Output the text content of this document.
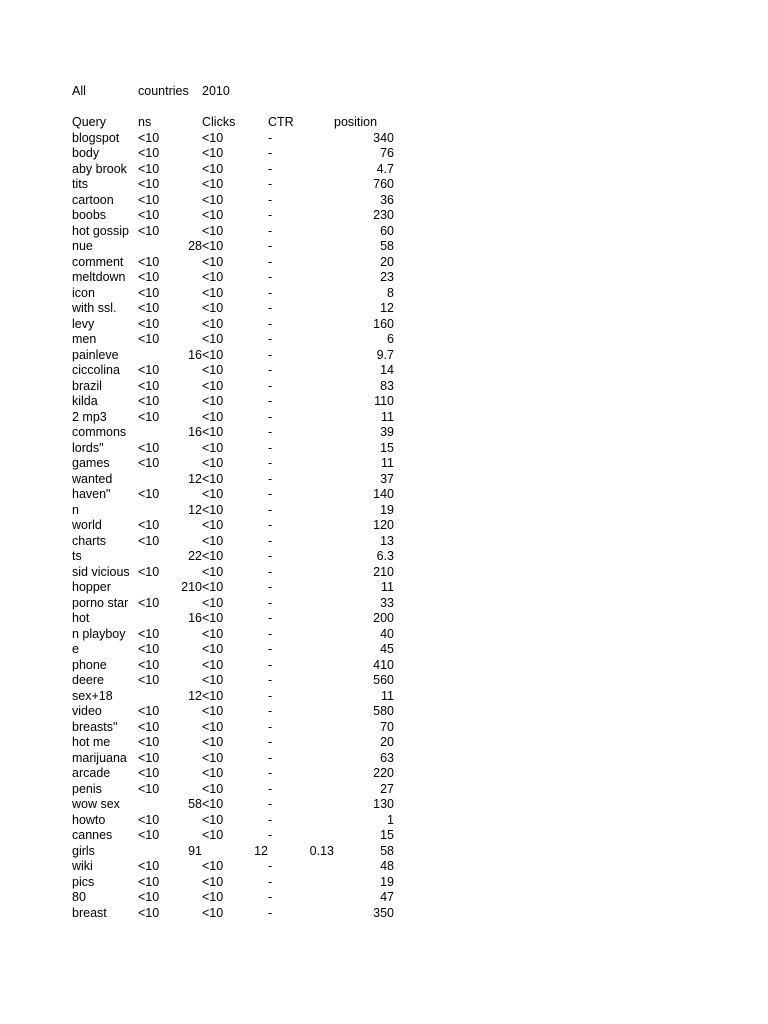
All	countries 2010
Query	ns	Clicks	CTR	position
blogspot	<10	<10	-	340
body	<10	<10	-	76
aby brook	<10	<10	-	4.7
tits	<10	<10	-	760
cartoon	<10	<10	-	36
boobs	<10	<10	-	230
hot gossip	<10	<10	-	60
nue	28	<10	-	58
comment	<10	<10	-	20
meltdown	<10	<10	-	23
icon	<10	<10	-	8
with ssl.	<10	<10	-	12
levy	<10	<10	-	160
men	<10	<10	-	6
painleve	16	<10	-	9.7
ciccolina	<10	<10	-	14
brazil	<10	<10	-	83
kilda	<10	<10	-	110
2 mp3	<10	<10	-	11
commons	16	<10	-	39
lords"	<10	<10	-	15
games	<10	<10	-	11
wanted	12	<10	-	37
haven"	<10	<10	-	140
n	12	<10	-	19
world	<10	<10	-	120
charts	<10	<10	-	13
ts	22	<10	-	6.3
sid vicious	<10	<10	-	210
hopper	210	<10	-	11
porno star	<10	<10	-	33
hot	16	<10	-	200
n playboy	<10	<10	-	40
e	<10	<10	-	45
phone	<10	<10	-	410
deere	<10	<10	-	560
sex+18	12	<10	-	11
video	<10	<10	-	580
breasts"	<10	<10	-	70
hot me	<10	<10	-	20
marijuana	<10	<10	-	63
arcade	<10	<10	-	220
penis	<10	<10	-	27
wow sex	58	<10	-	130
howto	<10	<10	-	1
cannes	<10	<10	-	15
girls	91	12	0.13	58
wiki	<10	<10	-	48
pics	<10	<10	-	19
80	<10	<10	-	47
breast	<10	<10	-	350
